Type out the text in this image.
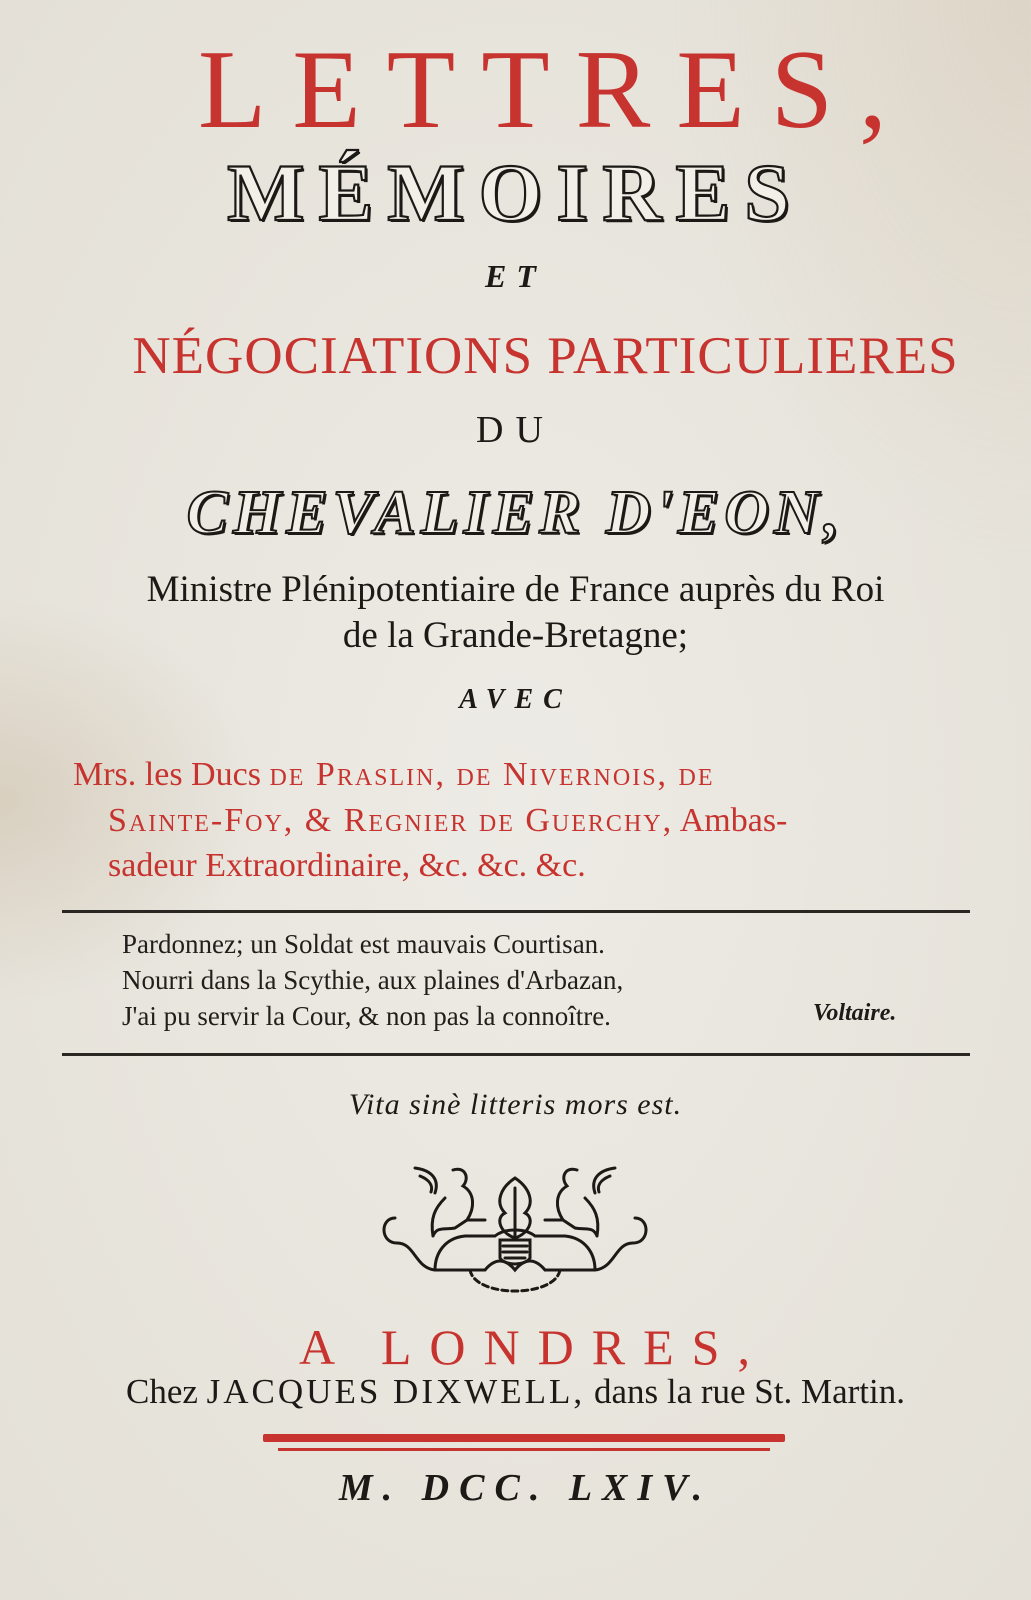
LETTRES,
MÉMOIRES
ET
NÉGOCIATIONS PARTICULIERES
DU
CHEVALIER D'EON,
Ministre Plénipotentiaire de France auprès du Roi
de la Grande-Bretagne;
AVEC
Mrs. les Ducs de Praslin, de Nivernois, de
Sainte-Foy, & Regnier de Guerchy, Ambas-
sadeur Extraordinaire, &c. &c. &c.
Pardonnez; un Soldat est mauvais Courtisan.
Nourri dans la Scythie, aux plaines d'Arbazan,
J'ai pu servir la Cour, & non pas la connoître.	Voltaire.
Vita sinè litteris mors est.
A LONDRES,
Chez JACQUES DIXWELL, dans la rue St. Martin.
M. DCC. LXIV.
